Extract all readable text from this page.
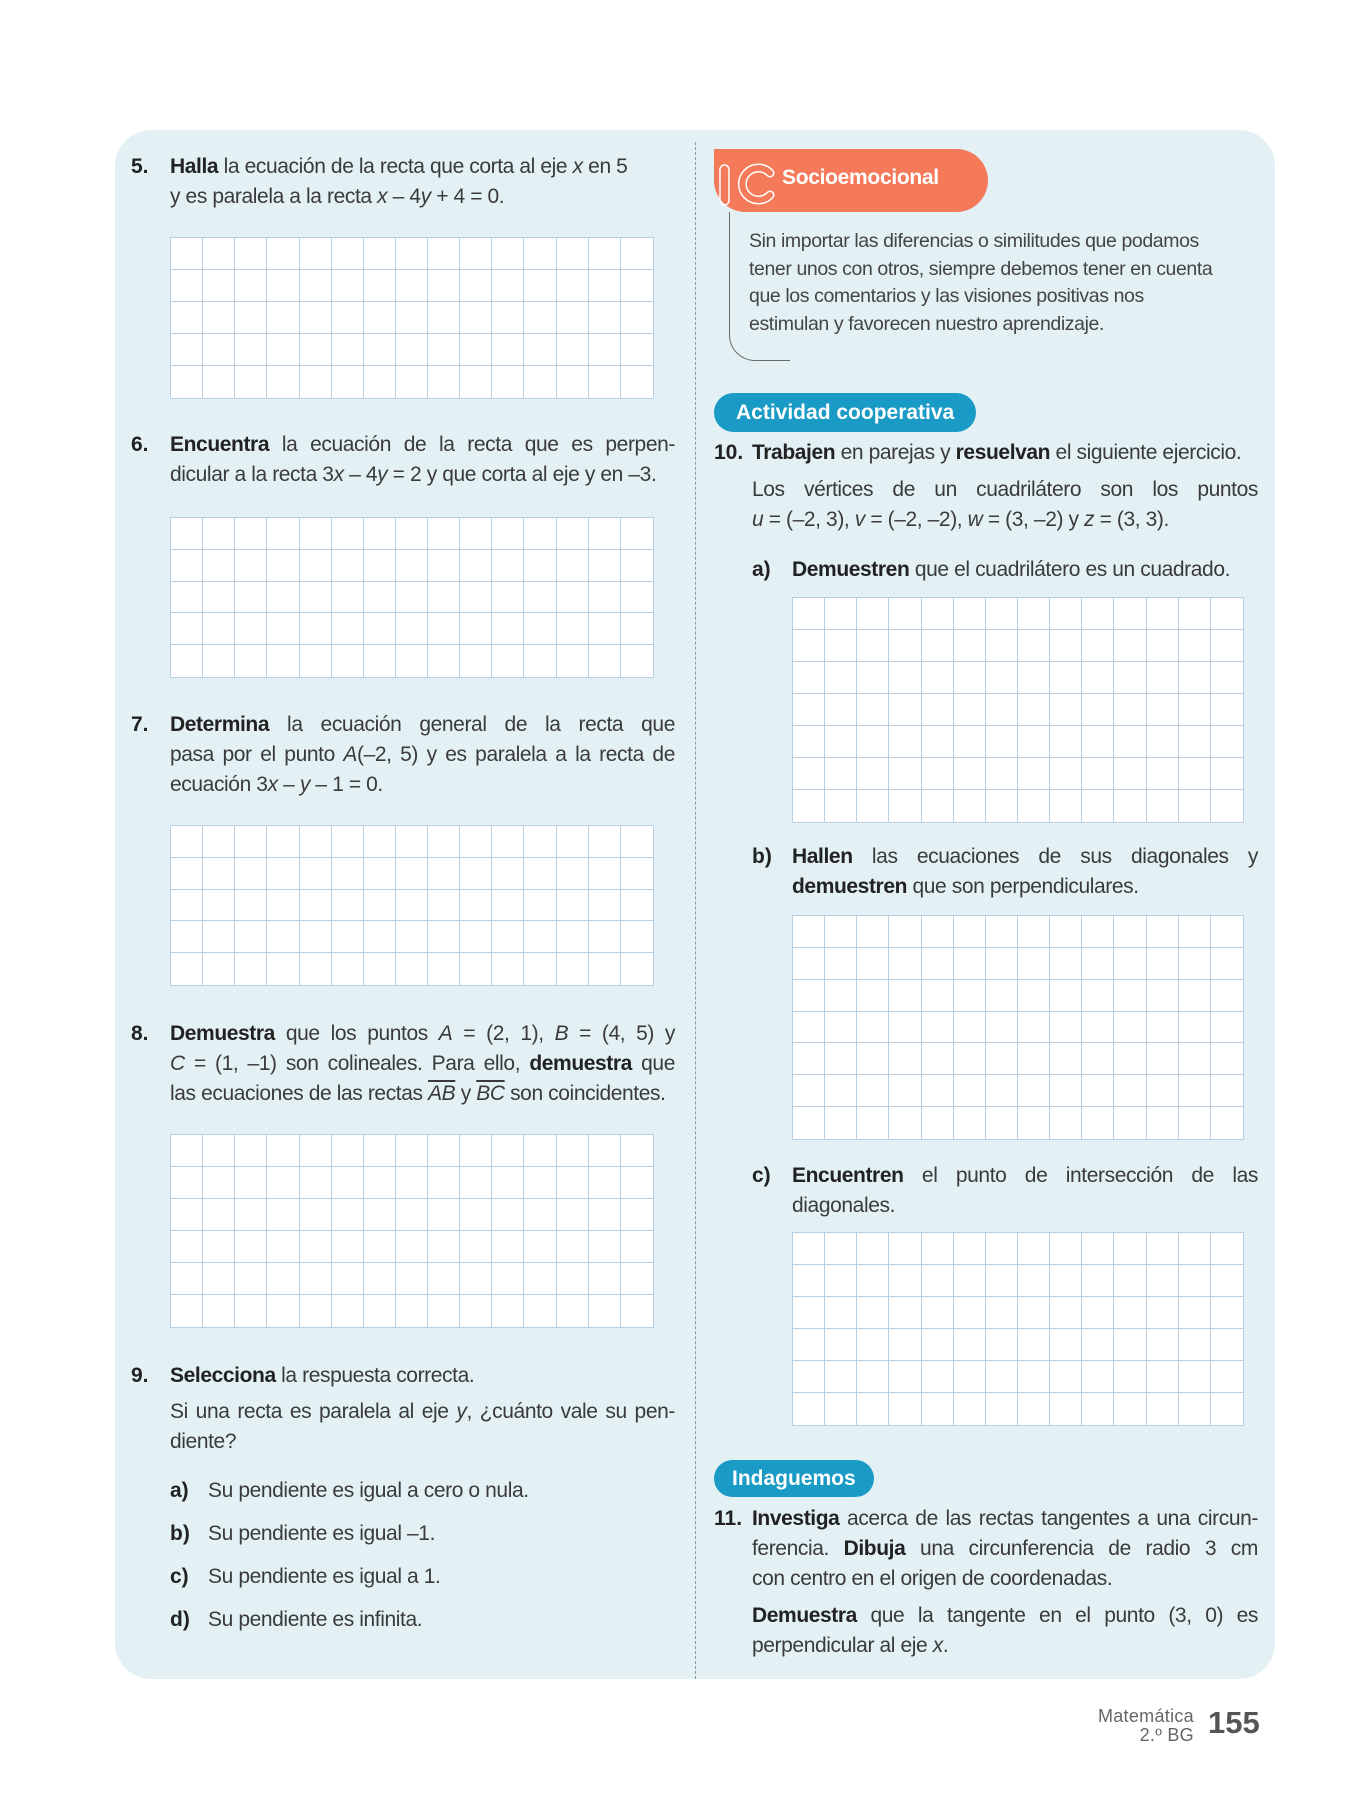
5. Halla la ecuación de la recta que corta al eje x en 5
y es paralela a la recta x – 4y + 4 = 0.
6. Encuentra la ecuación de la recta que es perpen-
dicular a la recta 3x – 4y = 2 y que corta al eje y en –3.
7. Determina la ecuación general de la recta que
pasa por el punto A(–2, 5) y es paralela a la recta de
ecuación 3x – y – 1 = 0.
8. Demuestra que los puntos A = (2, 1), B = (4, 5) y
C = (1, –1) son colineales. Para ello, demuestra que
las ecuaciones de las rectas $\overline{AB}$ y $\overline{BC}$ son coincidentes.
9. Selecciona la respuesta correcta.
Si una recta es paralela al eje y, ¿cuánto vale su pen-
diente?
a) Su pendiente es igual a cero o nula.
b) Su pendiente es igual –1.
c) Su pendiente es igual a 1.
d) Su pendiente es infinita.
Socioemocional
Sin importar las diferencias o similitudes que podamos
tener unos con otros, siempre debemos tener en cuenta
que los comentarios y las visiones positivas nos
estimulan y favorecen nuestro aprendizaje.
Actividad cooperativa
10. Trabajen en parejas y resuelvan el siguiente ejercicio.
Los vértices de un cuadrilátero son los puntos
u = (–2, 3), v = (–2, –2), w = (3, –2) y z = (3, 3).
a) Demuestren que el cuadrilátero es un cuadrado.
b) Hallen las ecuaciones de sus diagonales y
demuestren que son perpendiculares.
c) Encuentren el punto de intersección de las
diagonales.
Indaguemos
11. Investiga acerca de las rectas tangentes a una circun-
ferencia. Dibuja una circunferencia de radio 3 cm
con centro en el origen de coordenadas.
Demuestra que la tangente en el punto (3, 0) es
perpendicular al eje x.
Matemática
2.º BG 155
